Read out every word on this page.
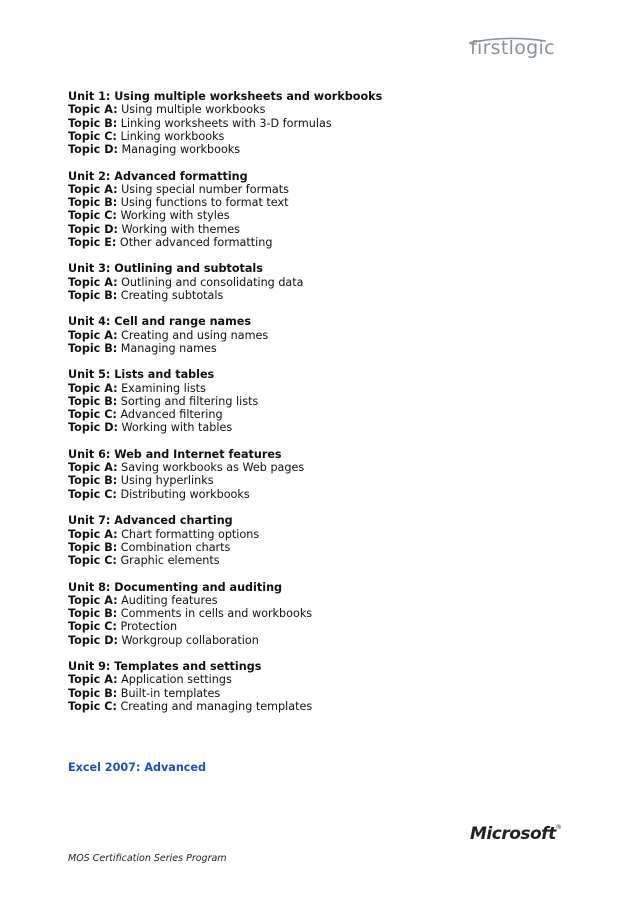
firstlogic
Unit 1: Using multiple worksheets and workbooks
Topic A: Using multiple workbooks
Topic B: Linking worksheets with 3-D formulas
Topic C: Linking workbooks
Topic D: Managing workbooks
Unit 2: Advanced formatting
Topic A: Using special number formats
Topic B: Using functions to format text
Topic C: Working with styles
Topic D: Working with themes
Topic E: Other advanced formatting
Unit 3: Outlining and subtotals
Topic A: Outlining and consolidating data
Topic B: Creating subtotals
Unit 4: Cell and range names
Topic A: Creating and using names
Topic B: Managing names
Unit 5: Lists and tables
Topic A: Examining lists
Topic B: Sorting and filtering lists
Topic C: Advanced filtering
Topic D: Working with tables
Unit 6: Web and Internet features
Topic A: Saving workbooks as Web pages
Topic B: Using hyperlinks
Topic C: Distributing workbooks
Unit 7: Advanced charting
Topic A: Chart formatting options
Topic B: Combination charts
Topic C: Graphic elements
Unit 8: Documenting and auditing
Topic A: Auditing features
Topic B: Comments in cells and workbooks
Topic C: Protection
Topic D: Workgroup collaboration
Unit 9: Templates and settings
Topic A: Application settings
Topic B: Built-in templates
Topic C: Creating and managing templates
Excel 2007: Advanced
Microsoft®
MOS Certification Series Program
